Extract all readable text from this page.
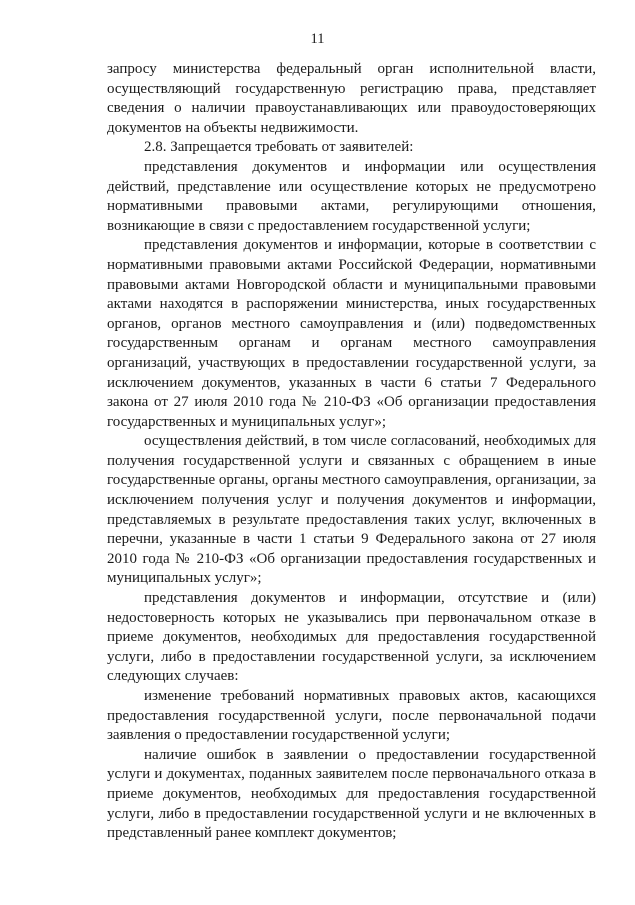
11

запросу министерства федеральный орган исполнительной власти, осуществляющий государственную регистрацию права, представляет сведения о наличии правоустанавливающих или правоудостоверяющих документов на объекты недвижимости.

2.8. Запрещается требовать от заявителей:

представления документов и информации или осуществления действий, представление или осуществление которых не предусмотрено нормативными правовыми актами, регулирующими отношения, возникающие в связи с предоставлением государственной услуги;

представления документов и информации, которые в соответствии с нормативными правовыми актами Российской Федерации, нормативными правовыми актами Новгородской области и муниципальными правовыми актами находятся в распоряжении министерства, иных государственных органов, органов местного самоуправления и (или) подведомственных государственным органам и органам местного самоуправления организаций, участвующих в предоставлении государственной услуги, за исключением документов, указанных в части 6 статьи 7 Федерального закона от 27 июля 2010 года № 210-ФЗ «Об организации предоставления государственных и муниципальных услуг»;

осуществления действий, в том числе согласований, необходимых для получения государственной услуги и связанных с обращением в иные государственные органы, органы местного самоуправления, организации, за исключением получения услуг и получения документов и информации, представляемых в результате предоставления таких услуг, включенных в перечни, указанные в части 1 статьи 9 Федерального закона от 27 июля 2010 года № 210-ФЗ «Об организации предоставления государственных и муниципальных услуг»;

представления документов и информации, отсутствие и (или) недостоверность которых не указывались при первоначальном отказе в приеме документов, необходимых для предоставления государственной услуги, либо в предоставлении государственной услуги, за исключением следующих случаев:

изменение требований нормативных правовых актов, касающихся предоставления государственной услуги, после первоначальной подачи заявления о предоставлении государственной услуги;

наличие ошибок в заявлении о предоставлении государственной услуги и документах, поданных заявителем после первоначального отказа в приеме документов, необходимых для предоставления государственной услуги, либо в предоставлении государственной услуги и не включенных в представленный ранее комплект документов;
